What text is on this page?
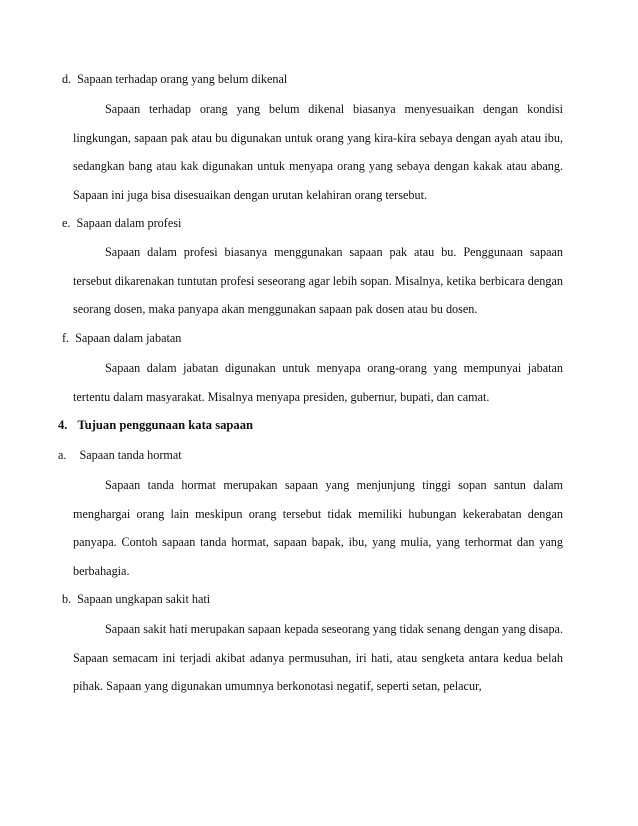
d. Sapaan terhadap orang yang belum dikenal

Sapaan terhadap orang yang belum dikenal biasanya menyesuaikan dengan kondisi lingkungan, sapaan pak atau bu digunakan untuk orang yang kira-kira sebaya dengan ayah atau ibu, sedangkan bang atau kak digunakan untuk menyapa orang yang sebaya dengan kakak atau abang. Sapaan ini juga bisa disesuaikan dengan urutan kelahiran orang tersebut.

e. Sapaan dalam profesi

Sapaan dalam profesi biasanya menggunakan sapaan pak atau bu. Penggunaan sapaan tersebut dikarenakan tuntutan profesi seseorang agar lebih sopan. Misalnya, ketika berbicara dengan seorang dosen, maka panyapa akan menggunakan sapaan pak dosen atau bu dosen.

f. Sapaan dalam jabatan

Sapaan dalam jabatan digunakan untuk menyapa orang-orang yang mempunyai jabatan tertentu dalam masyarakat. Misalnya menyapa presiden, gubernur, bupati, dan camat.

4. Tujuan penggunaan kata sapaan
a. Sapaan tanda hormat

Sapaan tanda hormat merupakan sapaan yang menjunjung tinggi sopan santun dalam menghargai orang lain meskipun orang tersebut tidak memiliki hubungan kekerabatan dengan panyapa. Contoh sapaan tanda hormat, sapaan bapak, ibu, yang mulia, yang terhormat dan yang berbahagia.

b. Sapaan ungkapan sakit hati

Sapaan sakit hati merupakan sapaan kepada seseorang yang tidak senang dengan yang disapa. Sapaan semacam ini terjadi akibat adanya permusuhan, iri hati, atau sengketa antara kedua belah pihak. Sapaan yang digunakan umumnya berkonotasi negatif, seperti setan, pelacur,
